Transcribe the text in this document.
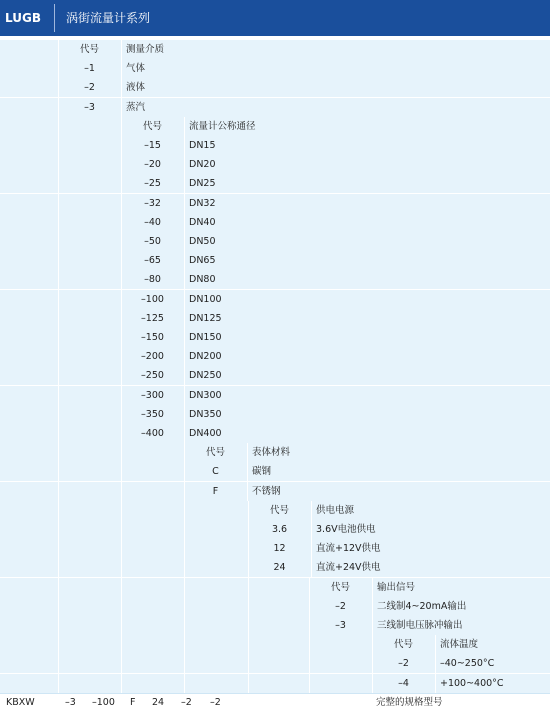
LUGB	涡街流量计系列
代号	测量介质
–1	气体
–2	液体
–3	蒸汽
代号	流量计公称通径
–15	DN15
–20	DN20
–25	DN25
–32	DN32
–40	DN40
–50	DN50
–65	DN65
–80	DN80
–100	DN100
–125	DN125
–150	DN150
–200	DN200
–250	DN250
–300	DN300
–350	DN350
–400	DN400
代号	表体材料
C	碳钢
F	不锈钢
代号	供电电源
3.6	3.6V电池供电
12	直流+12V供电
24	直流+24V供电
代号	输出信号
–2	二线制4~20mA输出
–3	三线制电压脉冲输出
代号	流体温度
–2	–40~250°C
–4	+100~400°C
KBXW	–3 –100 F 24 –2 –2	完整的规格型号
